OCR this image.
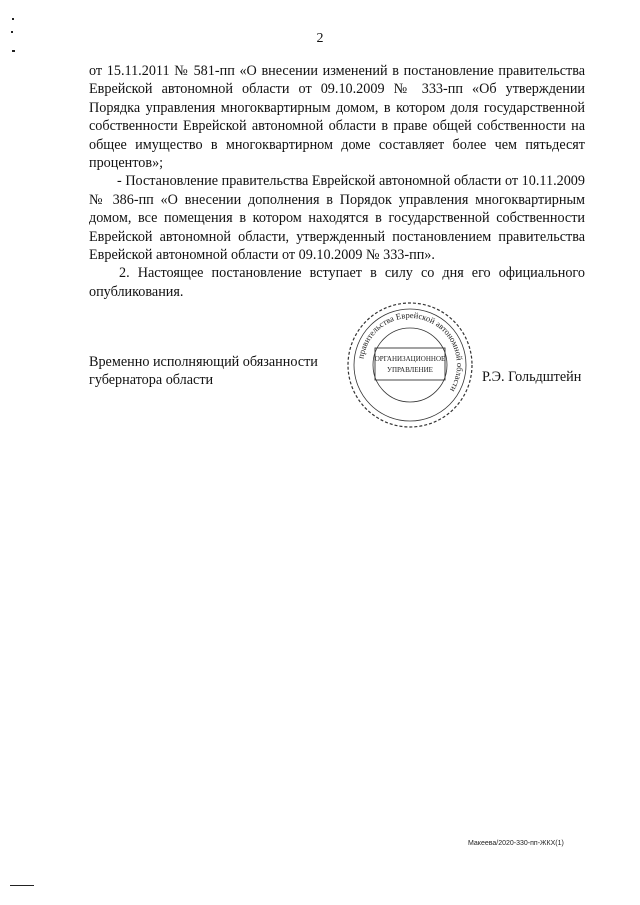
2

от 15.11.2011 № 581-пп «О внесении изменений в постановление правительства Еврейской автономной области от 09.10.2009 № 333-пп «Об утверждении Порядка управления многоквартирным домом, в котором доля государственной собственности Еврейской автономной области в праве общей собственности на общее имущество в многоквартирном доме составляет более чем пятьдесят процентов»;

- Постановление правительства Еврейской автономной области от 10.11.2009 № 386-пп «О внесении дополнения в Порядок управления многоквартирным домом, все помещения в котором находятся в государственной собственности Еврейской автономной области, утвержденный постановлением правительства Еврейской автономной области от 09.10.2009 № 333-пп».

2. Настоящее постановление вступает в силу со дня его официального опубликования.

Временно исполняющий обязанности
губернатора области
правительства Еврейской автономной области
ОРГАНИЗАЦИОННОЕ
УПРАВЛЕНИЕ	Р.Э. Гольдштейн
Макеева/2020-330-пп-ЖКХ(1)
